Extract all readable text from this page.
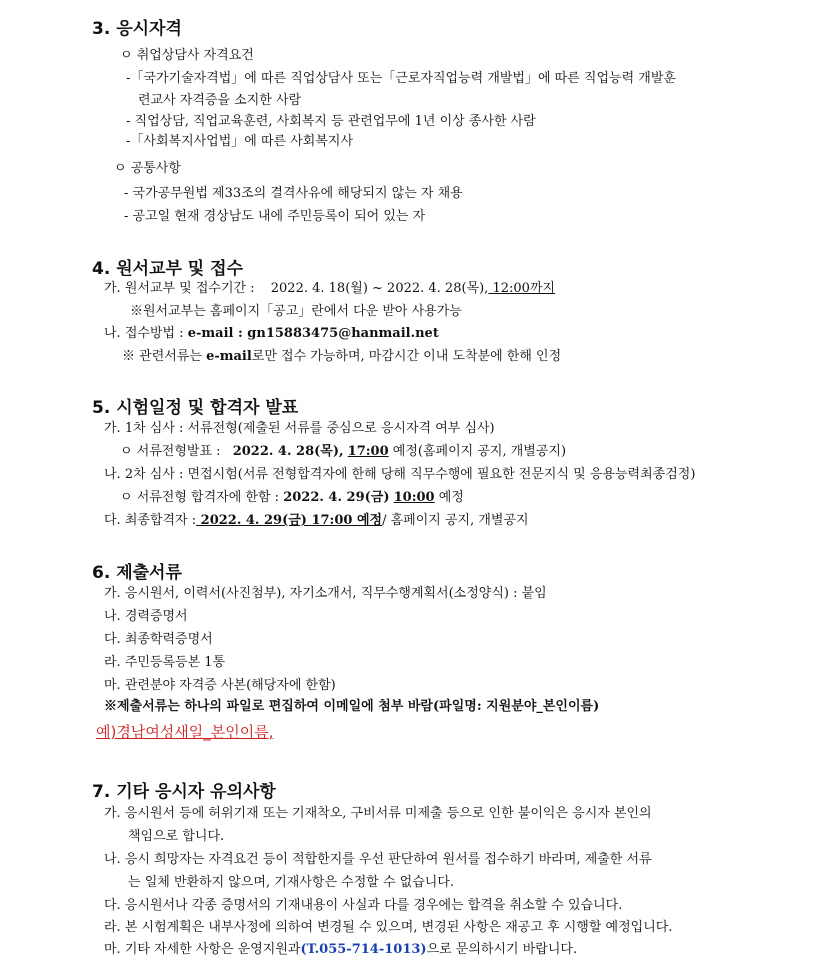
3. 응시자격
ㅇ 취업상담사 자격요건
-「국가기술자격법」에 따른 직업상담사 또는「근로자직업능력 개발법」에 따른 직업능력 개발훈
련교사 자격증을 소지한 사람
- 직업상담, 직업교육훈련, 사회복지 등 관련업무에 1년 이상 종사한 사람
-「사회복지사업법」에 따른 사회복지사
ㅇ 공통사항
- 국가공무원법 제33조의 결격사유에 해당되지 않는 자 채용
- 공고일 현재 경상남도 내에 주민등록이 되어 있는 자
4. 원서교부 및 접수
가. 원서교부 및 접수기간 : 2022. 4. 18(월) ~ 2022. 4. 28(목), 12:00까지
※원서교부는 홈페이지「공고」란에서 다운 받아 사용가능
나. 접수방법 : e-mail : gn15883475@hanmail.net
※ 관련서류는 e-mail로만 접수 가능하며, 마감시간 이내 도착분에 한해 인정
5. 시험일정 및 합격자 발표
가. 1차 심사 : 서류전형(제출된 서류를 중심으로 응시자격 여부 심사)
ㅇ 서류전형발표 : 2022. 4. 28(목), 17:00 예정(홈페이지 공지, 개별공지)
나. 2차 심사 : 면접시험(서류 전형합격자에 한해 당해 직무수행에 필요한 전문지식 및 응용능력최종검정)
ㅇ 서류전형 합격자에 한함 : 2022. 4. 29(금) 10:00 예정
다. 최종합격자 : 2022. 4. 29(금) 17:00 예정/ 홈페이지 공지, 개별공지
6. 제출서류
가. 응시원서, 이력서(사진첨부), 자기소개서, 직무수행계획서(소정양식) : 붙임
나. 경력증명서
다. 최종학력증명서
라. 주민등록등본 1통
마. 관련분야 자격증 사본(해당자에 한함)
※제출서류는 하나의 파일로 편집하여 이메일에 첨부 바람(파일명: 지원분야_본인이름)
예)경남여성새일_본인이름,
7. 기타 응시자 유의사항
가. 응시원서 등에 허위기재 또는 기재착오, 구비서류 미제출 등으로 인한 불이익은 응시자 본인의
책임으로 합니다.
나. 응시 희망자는 자격요건 등이 적합한지를 우선 판단하여 원서를 접수하기 바라며, 제출한 서류
는 일체 반환하지 않으며, 기재사항은 수정할 수 없습니다.
다. 응시원서나 각종 증명서의 기재내용이 사실과 다를 경우에는 합격을 취소할 수 있습니다.
라. 본 시험계획은 내부사정에 의하여 변경될 수 있으며, 변경된 사항은 재공고 후 시행할 예정입니다.
마. 기타 자세한 사항은 운영지원과(T.055-714-1013)으로 문의하시기 바랍니다.
